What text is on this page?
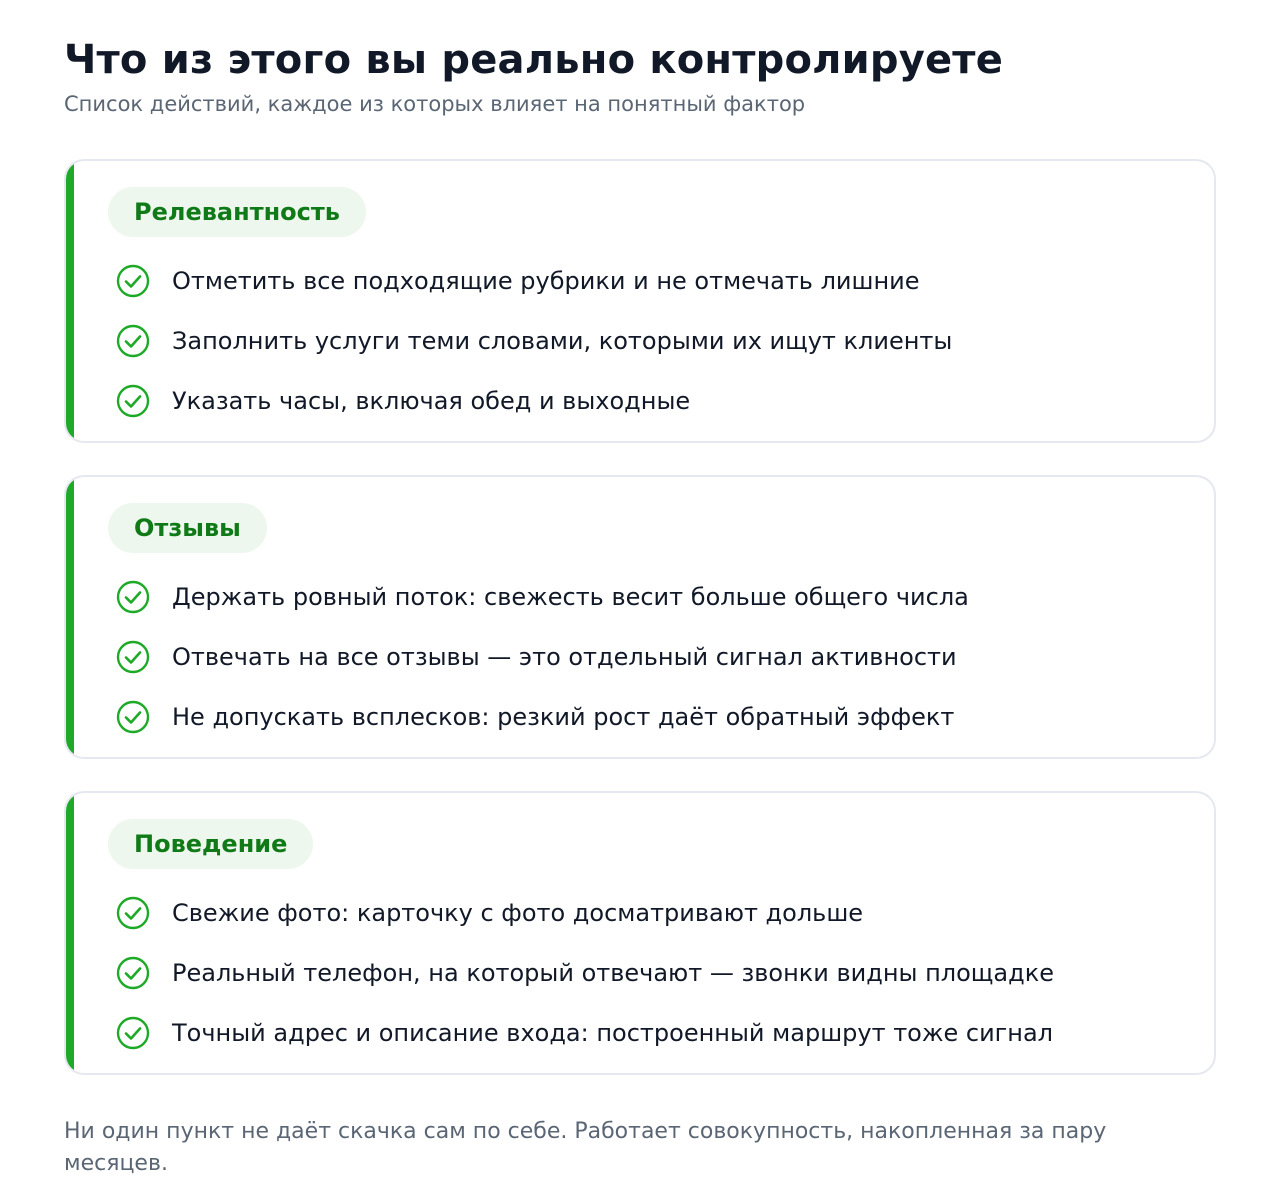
Что из этого вы реально контролируете

Список действий, каждое из которых влияет на понятный фактор

Релевантность
Отметить все подходящие рубрики и не отмечать лишние
Заполнить услуги теми словами, которыми их ищут клиенты
Указать часы, включая обед и выходные
Отзывы
Держать ровный поток: свежесть весит больше общего числа
Отвечать на все отзывы — это отдельный сигнал активности
Не допускать всплесков: резкий рост даёт обратный эффект
Поведение
Свежие фото: карточку с фото досматривают дольше
Реальный телефон, на который отвечают — звонки видны площадке
Точный адрес и описание входа: построенный маршрут тоже сигнал

Ни один пункт не даёт скачка сам по себе. Работает совокупность, накопленная за пару месяцев.
